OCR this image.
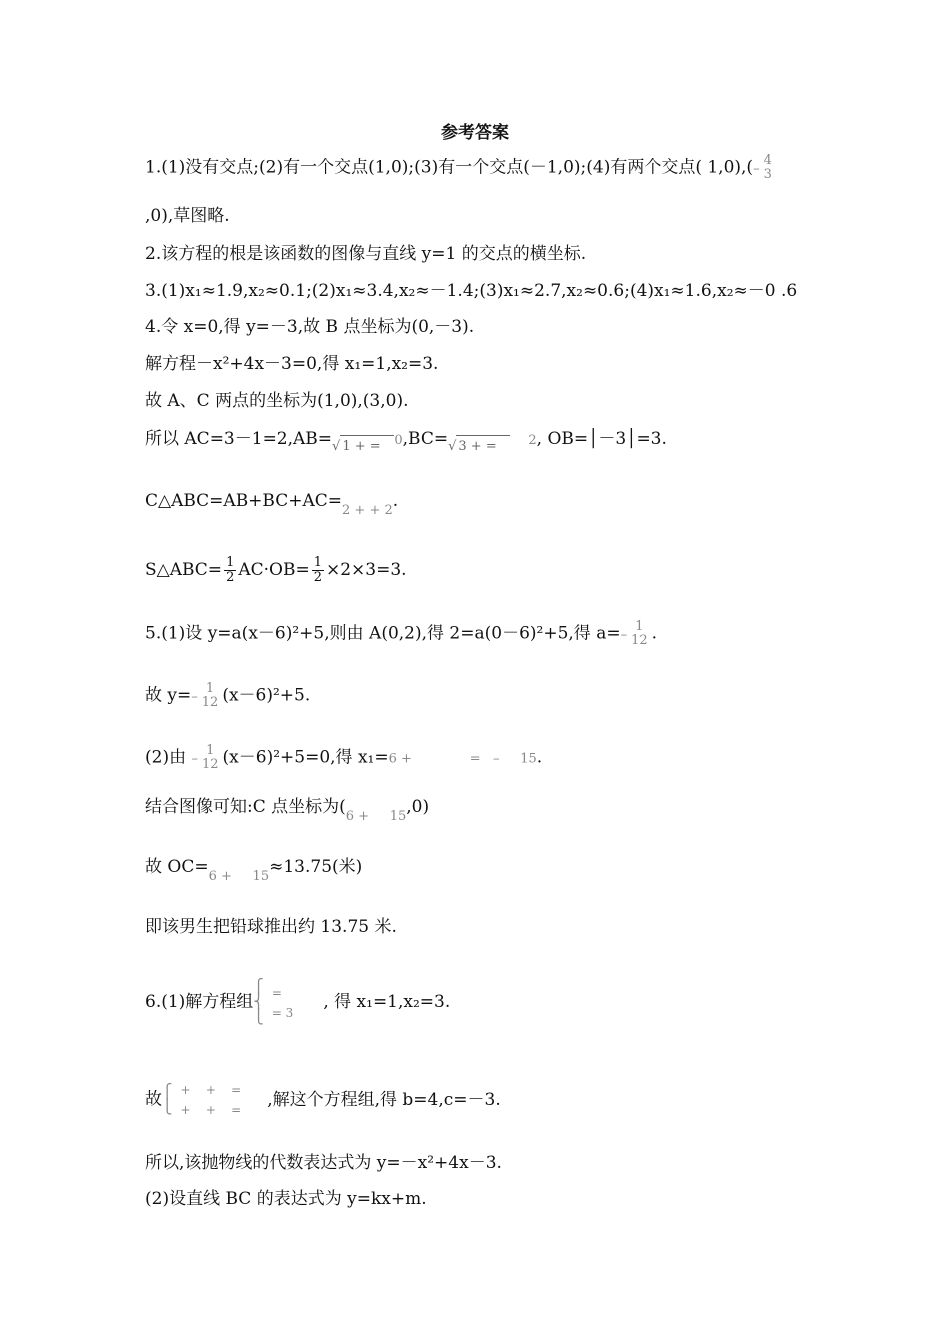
参考答案
1.(1)没有交点;(2)有一个交点(1,0);(3)有一个交点(－1,0);(4)有两个交点( 1,0),(–
4
3
,0),草图略.
2.该方程的根是该函数的图像与直线 y=1 的交点的横坐标.
3.(1)x₁≈1.9,x₂≈0.1;(2)x₁≈3.4,x₂≈－1.4;(3)x₁≈2.7,x₂≈0.6;(4)x₁≈1.6,x₂≈－0 .6
4.令 x=0,得 y=－3,故 B 点坐标为(0,－3).
解方程－x²+4x－3=0,得 x₁=1,x₂=3.
故 A、C 两点的坐标为(1,0),(3,0).
所以 AC=3－1=2,AB=√ 1 + = 0,BC=√ 3 + = 2, OB=│－3│=3.
$C\triangle ABC=AB+BC+AC=_{2 + + 2}$.
S△ABC= $\frac{1}{2} AC\cdot OB= \frac{1}{2} \times 2\times 3=3$.
5.(1)设 y=a(x－6)²+5,则由 A(0,2),得 2=a(0－6)²+5,得 a=–
1
12 .
故 y=–
1
12 (x－6)²+5.
(2)由 –
1
12 (x－6)²+5=0,得 x₁=6 +              =   –     15.
结合图像可知:C 点坐标为$(_{6 + 15},0)$
故 $OC=_{6 + 15}\approx 13.75$(米)
即该男生把铅球推出约 13.75 米.
6.(1)解方程组⎧
⎨
⎩=
= 3, 得 x₁=1,x₂=3.
故⎧
⎩+    +    =
+    +    =,解这个方程组,得 b=4,c=－3.
所以,该抛物线的代数表达式为 y=－x²+4x－3.
(2)设直线 BC 的表达式为 y=kx+m.
